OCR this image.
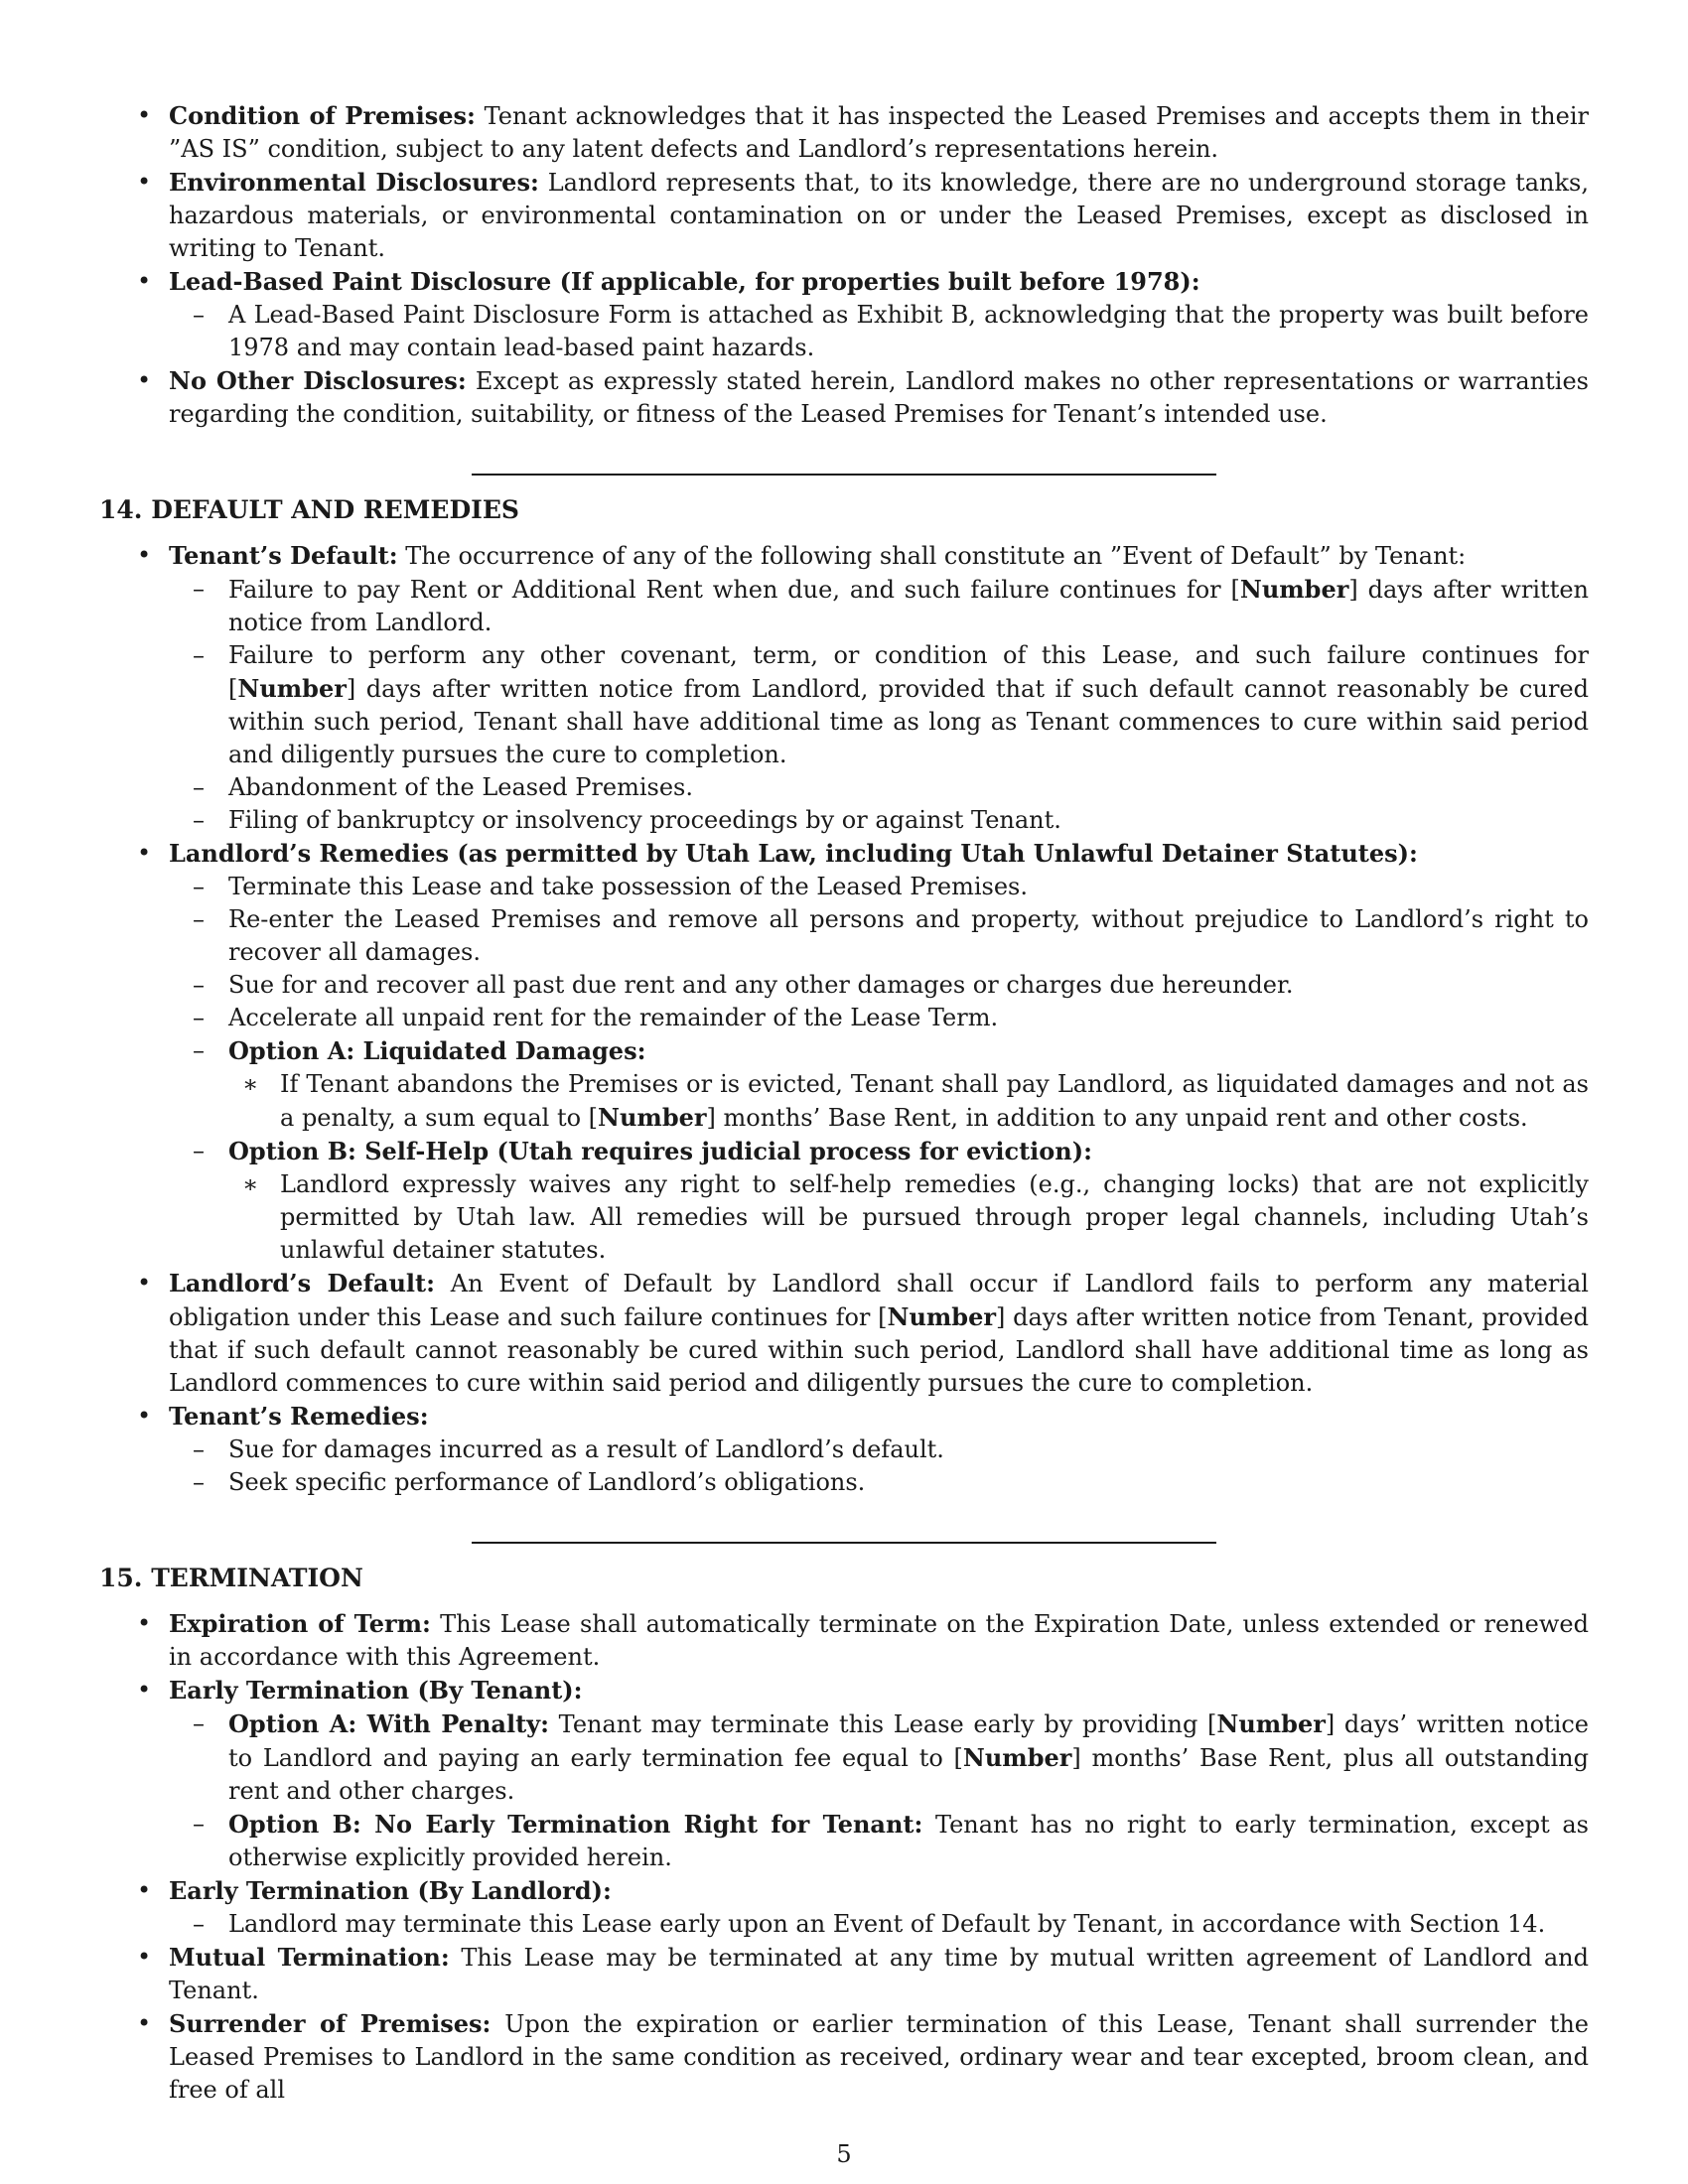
• Condition of Premises: Tenant acknowledges that it has inspected the Leased Premises and accepts them in their ”AS IS” condition, subject to any latent defects and Landlord’s representations herein.
• Environmental Disclosures: Landlord represents that, to its knowledge, there are no underground storage tanks, hazardous materials, or environmental contamination on or under the Leased Premises, except as disclosed in writing to Tenant.
• Lead-Based Paint Disclosure (If applicable, for properties built before 1978):
– A Lead-Based Paint Disclosure Form is attached as Exhibit B, acknowledging that the property was built before 1978 and may contain lead-based paint hazards.
• No Other Disclosures: Except as expressly stated herein, Landlord makes no other representations or warranties regarding the condition, suitability, or fitness of the Leased Premises for Tenant’s intended use.
14. DEFAULT AND REMEDIES
• Tenant’s Default: The occurrence of any of the following shall constitute an ”Event of Default” by Tenant:
– Failure to pay Rent or Additional Rent when due, and such failure continues for [Number] days after written notice from Landlord.
– Failure to perform any other covenant, term, or condition of this Lease, and such failure continues for [Number] days after written notice from Landlord, provided that if such default cannot reasonably be cured within such period, Tenant shall have additional time as long as Tenant commences to cure within said period and diligently pursues the cure to completion.
– Abandonment of the Leased Premises.
– Filing of bankruptcy or insolvency proceedings by or against Tenant.
• Landlord’s Remedies (as permitted by Utah Law, including Utah Unlawful Detainer Statutes):
– Terminate this Lease and take possession of the Leased Premises.
– Re-enter the Leased Premises and remove all persons and property, without prejudice to Landlord’s right to recover all damages.
– Sue for and recover all past due rent and any other damages or charges due hereunder.
– Accelerate all unpaid rent for the remainder of the Lease Term.
– Option A: Liquidated Damages:
∗ If Tenant abandons the Premises or is evicted, Tenant shall pay Landlord, as liquidated damages and not as a penalty, a sum equal to [Number] months’ Base Rent, in addition to any unpaid rent and other costs.
– Option B: Self-Help (Utah requires judicial process for eviction):
∗ Landlord expressly waives any right to self-help remedies (e.g., changing locks) that are not explicitly permitted by Utah law. All remedies will be pursued through proper legal channels, including Utah’s unlawful detainer statutes.
• Landlord’s Default: An Event of Default by Landlord shall occur if Landlord fails to perform any material obligation under this Lease and such failure continues for [Number] days after written notice from Tenant, provided that if such default cannot reasonably be cured within such period, Landlord shall have additional time as long as Landlord commences to cure within said period and diligently pursues the cure to completion.
• Tenant’s Remedies:
– Sue for damages incurred as a result of Landlord’s default.
– Seek specific performance of Landlord’s obligations.
15. TERMINATION
• Expiration of Term: This Lease shall automatically terminate on the Expiration Date, unless extended or renewed in accordance with this Agreement.
• Early Termination (By Tenant):
– Option A: With Penalty: Tenant may terminate this Lease early by providing [Number] days’ written notice to Landlord and paying an early termination fee equal to [Number] months’ Base Rent, plus all outstanding rent and other charges.
– Option B: No Early Termination Right for Tenant: Tenant has no right to early termination, except as otherwise explicitly provided herein.
• Early Termination (By Landlord):
– Landlord may terminate this Lease early upon an Event of Default by Tenant, in accordance with Section 14.
• Mutual Termination: This Lease may be terminated at any time by mutual written agreement of Landlord and Tenant.
• Surrender of Premises: Upon the expiration or earlier termination of this Lease, Tenant shall surrender the Leased Premises to Landlord in the same condition as received, ordinary wear and tear excepted, broom clean, and free of all
5
